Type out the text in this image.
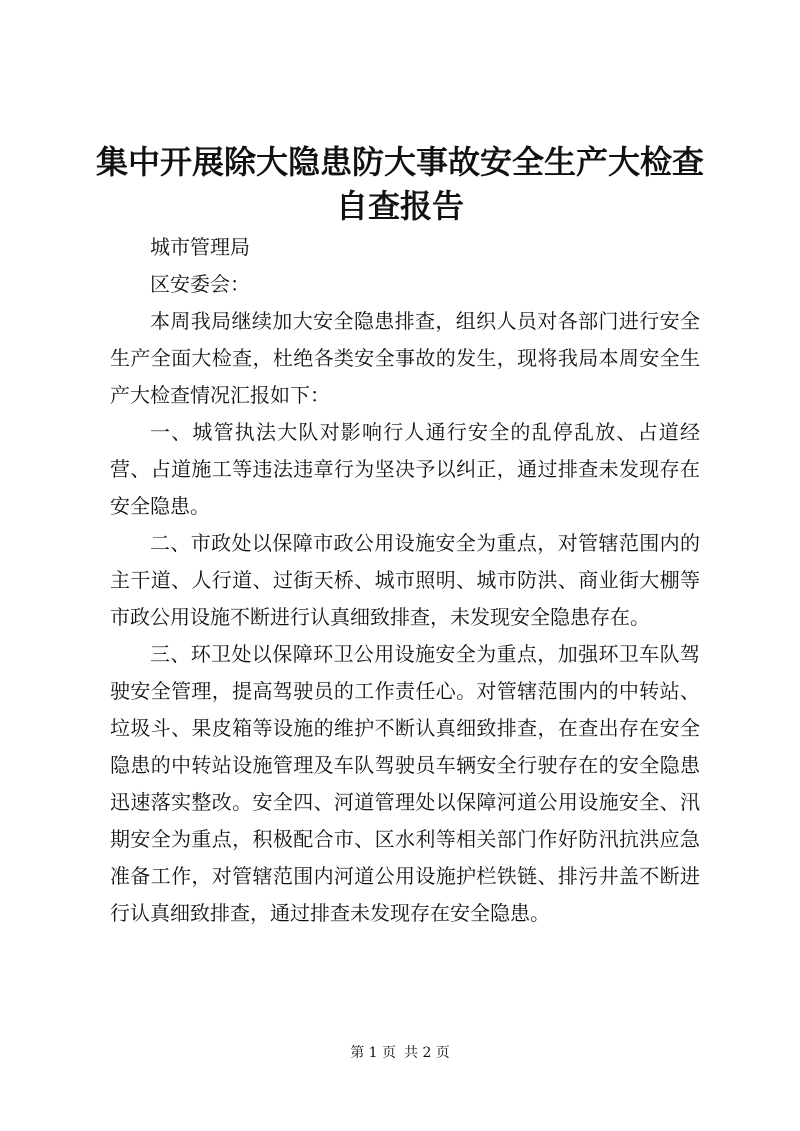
集中开展除大隐患防大事故安全生产大检查自查报告

城市管理局

区安委会：

本周我局继续加大安全隐患排查，组织人员对各部门进行安全生产全面大检查，杜绝各类安全事故的发生，现将我局本周安全生产大检查情况汇报如下：

一、城管执法大队对影响行人通行安全的乱停乱放、占道经营、占道施工等违法违章行为坚决予以纠正，通过排查未发现存在安全隐患。

二、市政处以保障市政公用设施安全为重点，对管辖范围内的主干道、人行道、过街天桥、城市照明、城市防洪、商业街大棚等市政公用设施不断进行认真细致排查，未发现安全隐患存在。

三、环卫处以保障环卫公用设施安全为重点，加强环卫车队驾驶安全管理，提高驾驶员的工作责任心。对管辖范围内的中转站、垃圾斗、果皮箱等设施的维护不断认真细致排查，在查出存在安全隐患的中转站设施管理及车队驾驶员车辆安全行驶存在的安全隐患迅速落实整改。安全四、河道管理处以保障河道公用设施安全、汛期安全为重点，积极配合市、区水利等相关部门作好防汛抗洪应急准备工作，对管辖范围内河道公用设施护栏铁链、排污井盖不断进行认真细致排查，通过排查未发现存在安全隐患。

第 1 页 共 2 页
